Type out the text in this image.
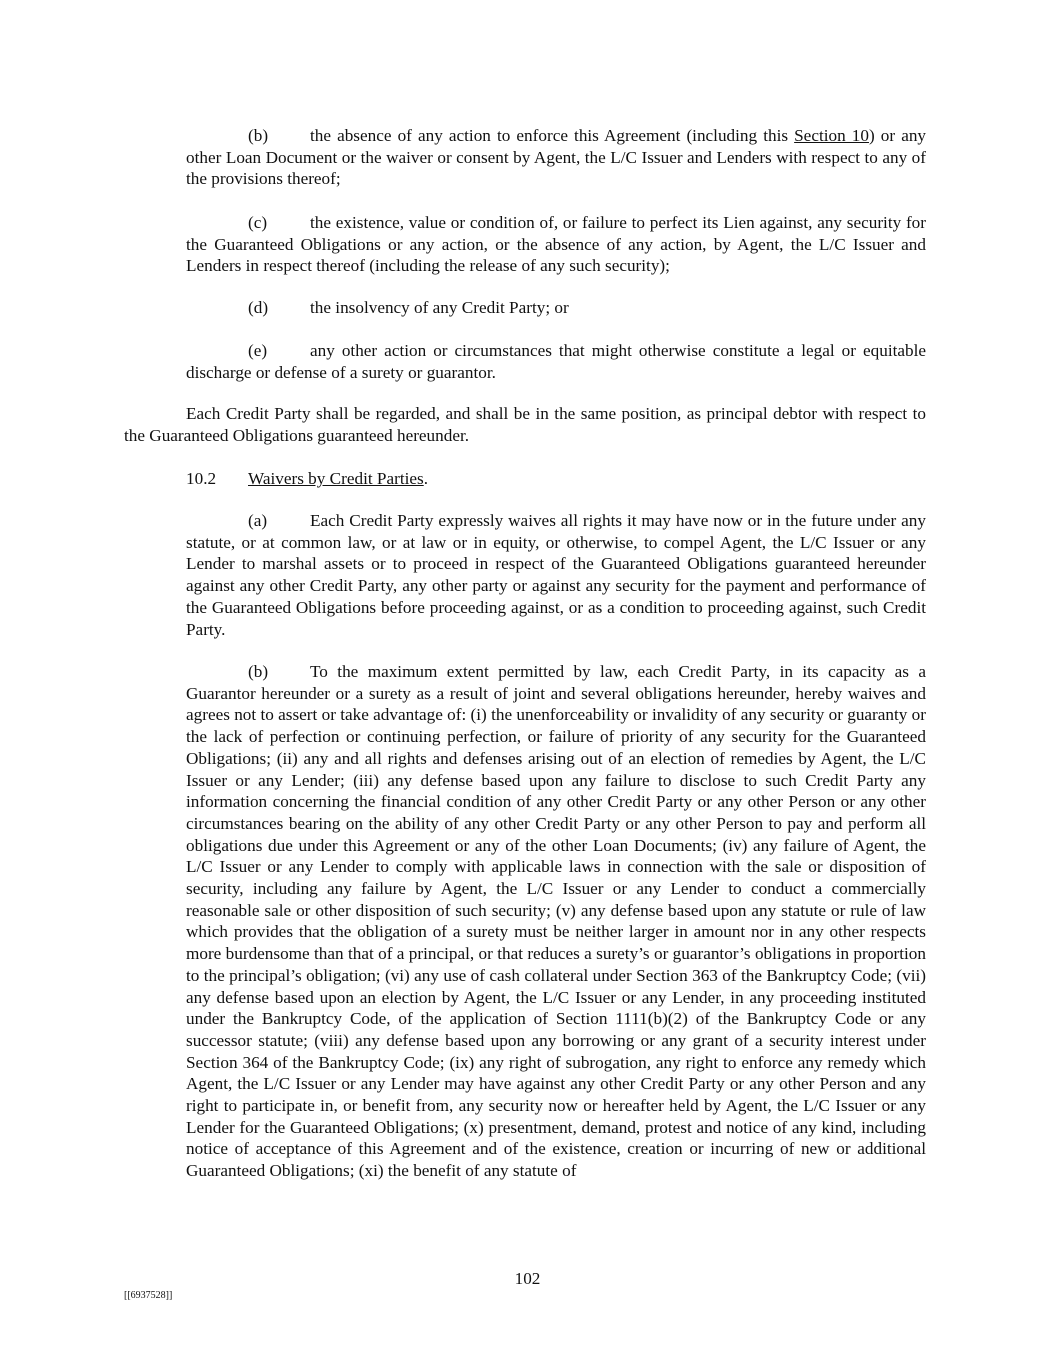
(b) the absence of any action to enforce this Agreement (including this Section 10) or any other Loan Document or the waiver or consent by Agent, the L/C Issuer and Lenders with respect to any of the provisions thereof;

(c) the existence, value or condition of, or failure to perfect its Lien against, any security for the Guaranteed Obligations or any action, or the absence of any action, by Agent, the L/C Issuer and Lenders in respect thereof (including the release of any such security);

(d) the insolvency of any Credit Party; or

(e) any other action or circumstances that might otherwise constitute a legal or equitable discharge or defense of a surety or guarantor.

Each Credit Party shall be regarded, and shall be in the same position, as principal debtor with respect to the Guaranteed Obligations guaranteed hereunder.

10.2 Waivers by Credit Parties.

(a) Each Credit Party expressly waives all rights it may have now or in the future under any statute, or at common law, or at law or in equity, or otherwise, to compel Agent, the L/C Issuer or any Lender to marshal assets or to proceed in respect of the Guaranteed Obligations guaranteed hereunder against any other Credit Party, any other party or against any security for the payment and performance of the Guaranteed Obligations before proceeding against, or as a condition to proceeding against, such Credit Party.

(b) To the maximum extent permitted by law, each Credit Party, in its capacity as a Guarantor hereunder or a surety as a result of joint and several obligations hereunder, hereby waives and agrees not to assert or take advantage of: (i) the unenforceability or invalidity of any security or guaranty or the lack of perfection or continuing perfection, or failure of priority of any security for the Guaranteed Obligations; (ii) any and all rights and defenses arising out of an election of remedies by Agent, the L/C Issuer or any Lender; (iii) any defense based upon any failure to disclose to such Credit Party any information concerning the financial condition of any other Credit Party or any other Person or any other circumstances bearing on the ability of any other Credit Party or any other Person to pay and perform all obligations due under this Agreement or any of the other Loan Documents; (iv) any failure of Agent, the L/C Issuer or any Lender to comply with applicable laws in connection with the sale or disposition of security, including any failure by Agent, the L/C Issuer or any Lender to conduct a commercially reasonable sale or other disposition of such security; (v) any defense based upon any statute or rule of law which provides that the obligation of a surety must be neither larger in amount nor in any other respects more burdensome than that of a principal, or that reduces a surety’s or guarantor’s obligations in proportion to the principal’s obligation; (vi) any use of cash collateral under Section 363 of the Bankruptcy Code; (vii) any defense based upon an election by Agent, the L/C Issuer or any Lender, in any proceeding instituted under the Bankruptcy Code, of the application of Section 1111(b)(2) of the Bankruptcy Code or any successor statute; (viii) any defense based upon any borrowing or any grant of a security interest under Section 364 of the Bankruptcy Code; (ix) any right of subrogation, any right to enforce any remedy which Agent, the L/C Issuer or any Lender may have against any other Credit Party or any other Person and any right to participate in, or benefit from, any security now or hereafter held by Agent, the L/C Issuer or any Lender for the Guaranteed Obligations; (x) presentment, demand, protest and notice of any kind, including notice of acceptance of this Agreement and of the existence, creation or incurring of new or additional Guaranteed Obligations; (xi) the benefit of any statute of

102
[[6937528]]
